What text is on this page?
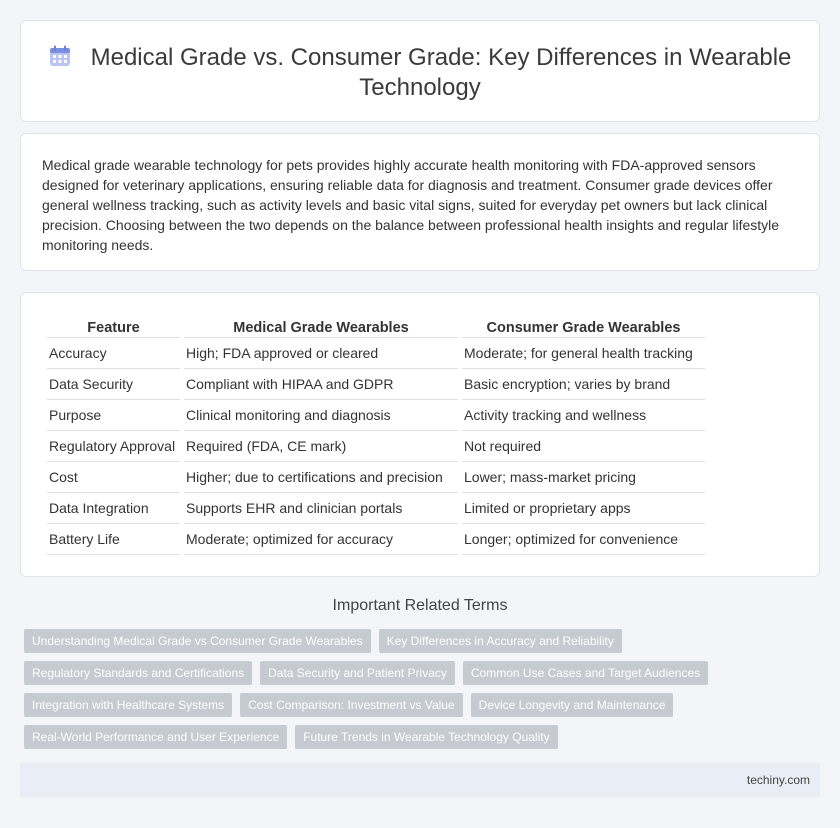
Medical Grade vs. Consumer Grade: Key Differences in Wearable Technology

Medical grade wearable technology for pets provides highly accurate health monitoring with FDA-approved sensors designed for veterinary applications, ensuring reliable data for diagnosis and treatment. Consumer grade devices offer general wellness tracking, such as activity levels and basic vital signs, suited for everyday pet owners but lack clinical precision. Choosing between the two depends on the balance between professional health insights and regular lifestyle monitoring needs.

Feature	Medical Grade Wearables	Consumer Grade Wearables
Accuracy	High; FDA approved or cleared	Moderate; for general health tracking
Data Security	Compliant with HIPAA and GDPR	Basic encryption; varies by brand
Purpose	Clinical monitoring and diagnosis	Activity tracking and wellness
Regulatory Approval	Required (FDA, CE mark)	Not required
Cost	Higher; due to certifications and precision	Lower; mass-market pricing
Data Integration	Supports EHR and clinician portals	Limited or proprietary apps
Battery Life	Moderate; optimized for accuracy	Longer; optimized for convenience
Important Related Terms
Understanding Medical Grade vs Consumer Grade Wearables	Key Differences in Accuracy and Reliability
Regulatory Standards and Certifications	Data Security and Patient Privacy	Common Use Cases and Target Audiences
Integration with Healthcare Systems	Cost Comparison: Investment vs Value	Device Longevity and Maintenance
Real-World Performance and User Experience	Future Trends in Wearable Technology Quality
techiny.com
